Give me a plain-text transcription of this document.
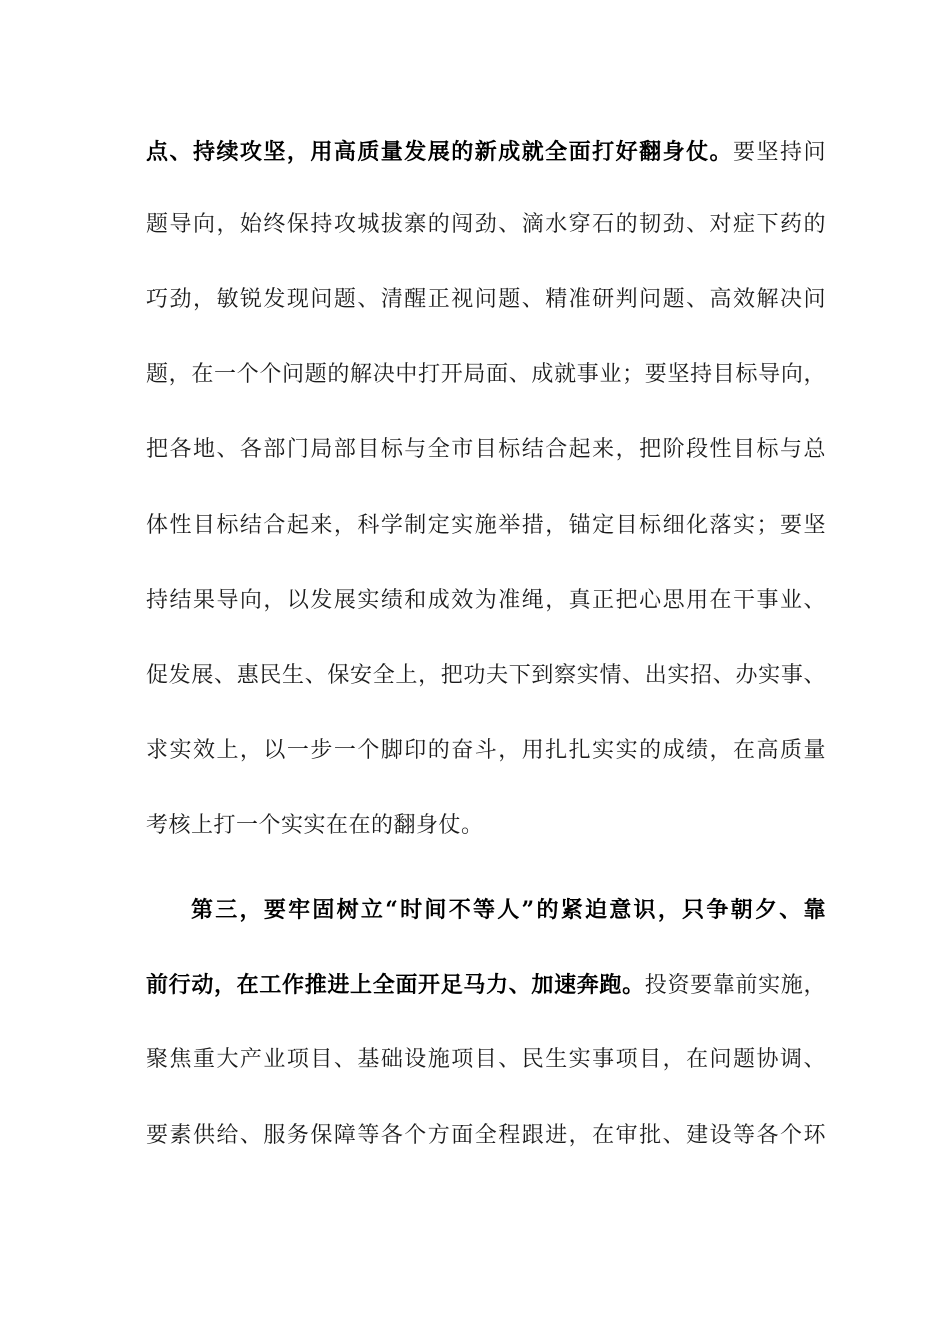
点、持续攻坚，用高质量发展的新成就全面打好翻身仗。要坚持问
题导向，始终保持攻城拔寨的闯劲、滴水穿石的韧劲、对症下药的
巧劲，敏锐发现问题、清醒正视问题、精准研判问题、高效解决问
题，在一个个问题的解决中打开局面、成就事业；要坚持目标导向，
把各地、各部门局部目标与全市目标结合起来，把阶段性目标与总
体性目标结合起来，科学制定实施举措，锚定目标细化落实；要坚
持结果导向，以发展实绩和成效为准绳，真正把心思用在干事业、
促发展、惠民生、保安全上，把功夫下到察实情、出实招、办实事、
求实效上，以一步一个脚印的奋斗，用扎扎实实的成绩，在高质量
考核上打一个实实在在的翻身仗。
第三，要牢固树立“时间不等人”的紧迫意识，只争朝夕、靠
前行动，在工作推进上全面开足马力、加速奔跑。投资要靠前实施，
聚焦重大产业项目、基础设施项目、民生实事项目，在问题协调、
要素供给、服务保障等各个方面全程跟进，在审批、建设等各个环
